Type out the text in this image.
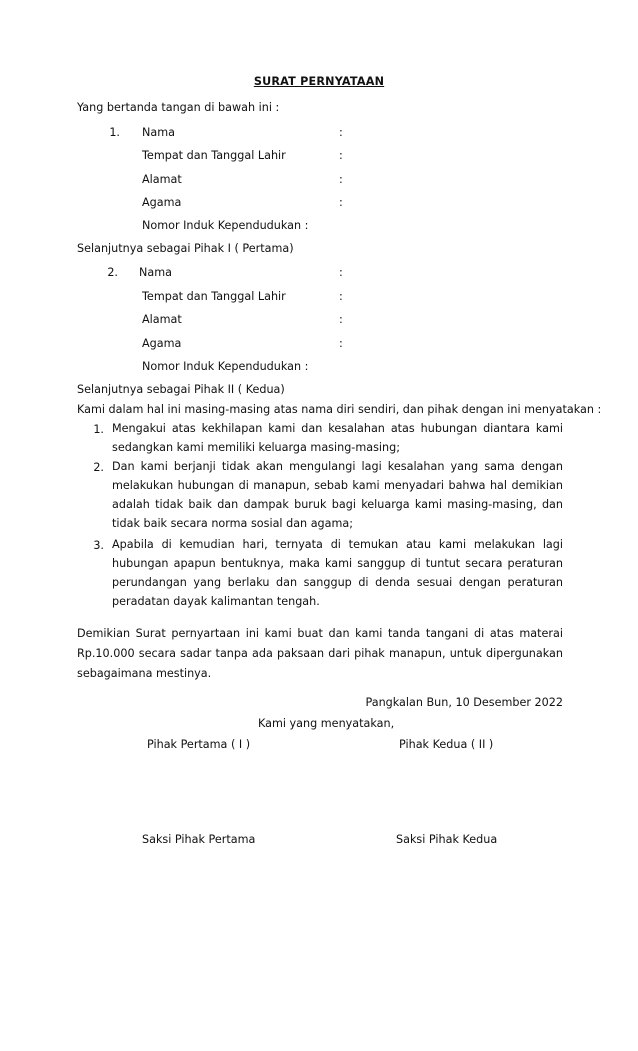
SURAT PERNYATAAN
Yang bertanda tangan di bawah ini :
1. Nama	:
Tempat dan Tanggal Lahir	:
Alamat	:
Agama	:
Nomor Induk Kependudukan :
Selanjutnya sebagai Pihak I ( Pertama)
2. Nama	:
Tempat dan Tanggal Lahir	:
Alamat	:
Agama	:
Nomor Induk Kependudukan :
Selanjutnya sebagai Pihak II ( Kedua)
Kami dalam hal ini masing-masing atas nama diri sendiri, dan pihak dengan ini menyatakan :
1. Mengakui atas kekhilapan kami dan kesalahan atas hubungan diantara kami sedangkan kami memiliki keluarga masing-masing;
2. Dan kami berjanji tidak akan mengulangi lagi kesalahan yang sama dengan melakukan hubungan di manapun, sebab kami menyadari bahwa hal demikian adalah tidak baik dan dampak buruk bagi keluarga kami masing-masing, dan tidak baik secara norma sosial dan agama;
3. Apabila di kemudian hari, ternyata di temukan atau kami melakukan lagi hubungan apapun bentuknya, maka kami sanggup di tuntut secara peraturan perundangan yang berlaku dan sanggup di denda sesuai dengan peraturan peradatan dayak kalimantan tengah.
Demikian Surat pernyartaan ini kami buat dan kami tanda tangani di atas materai Rp.10.000 secara sadar tanpa ada paksaan dari pihak manapun, untuk dipergunakan sebagaimana mestinya.
Pangkalan Bun, 10 Desember 2022
Kami yang menyatakan,
Pihak Pertama ( I )	Pihak Kedua ( II )
Saksi Pihak Pertama	Saksi Pihak Kedua
